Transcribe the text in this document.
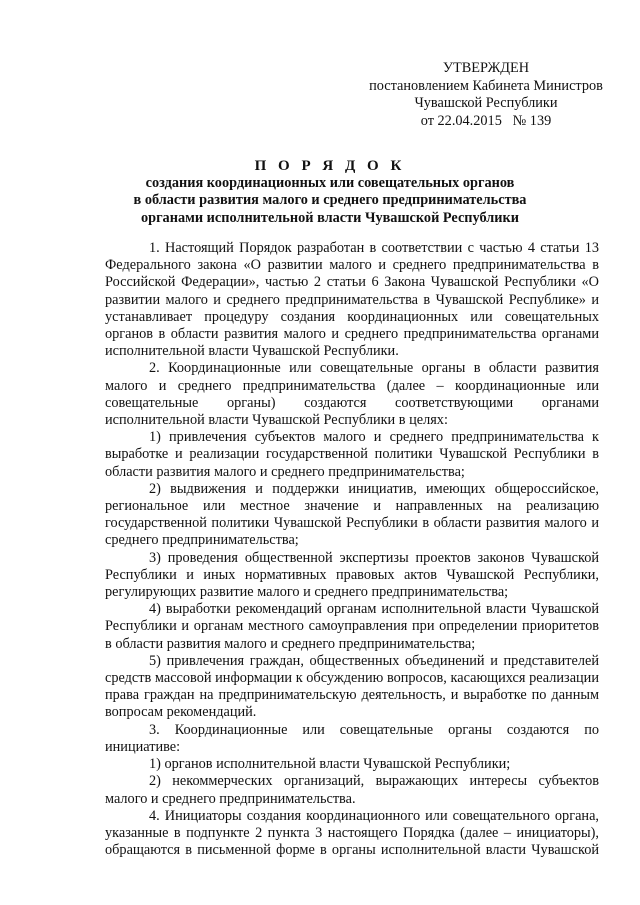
УТВЕРЖДЕН
постановлением Кабинета Министров
Чувашской Республики
от 22.04.2015   № 139
П О Р Я Д О К
создания координационных или совещательных органов
в области развития малого и среднего предпринимательства
органами исполнительной власти Чувашской Республики

1. Настоящий Порядок разработан в соответствии с частью 4 статьи 13 Федерального закона «О развитии малого и среднего предпринимательства в Российской Федерации», частью 2 статьи 6 Закона Чувашской Республики «О развитии малого и среднего предпринимательства в Чувашской Республике» и устанавливает процедуру создания координационных или совещательных органов в области развития малого и среднего предпринимательства органами исполнительной власти Чувашской Республики.

2. Координационные или совещательные органы в области развития малого и среднего предпринимательства (далее – координационные или совещательные органы) создаются соответствующими органами исполнительной власти Чувашской Республики в целях:

1) привлечения субъектов малого и среднего предпринимательства к выработке и реализации государственной политики Чувашской Республики в области развития малого и среднего предпринимательства;

2) выдвижения и поддержки инициатив, имеющих общероссийское, региональное или местное значение и направленных на реализацию государственной политики Чувашской Республики в области развития малого и среднего предпринимательства;

3) проведения общественной экспертизы проектов законов Чувашской Республики и иных нормативных правовых актов Чувашской Республики, регулирующих развитие малого и среднего предпринимательства;

4) выработки рекомендаций органам исполнительной власти Чувашской Республики и органам местного самоуправления при определении приоритетов в области развития малого и среднего предпринимательства;

5) привлечения граждан, общественных объединений и представителей средств массовой информации к обсуждению вопросов, касающихся реализации права граждан на предпринимательскую деятельность, и выработке по данным вопросам рекомендаций.

3. Координационные или совещательные органы создаются по инициативе:

1) органов исполнительной власти Чувашской Республики;

2) некоммерческих организаций, выражающих интересы субъектов малого и среднего предпринимательства.

4. Инициаторы создания координационного или совещательного органа, указанные в подпункте 2 пункта 3 настоящего Порядка (далее – инициаторы), обращаются в письменной форме в органы исполнительной власти Чувашской
